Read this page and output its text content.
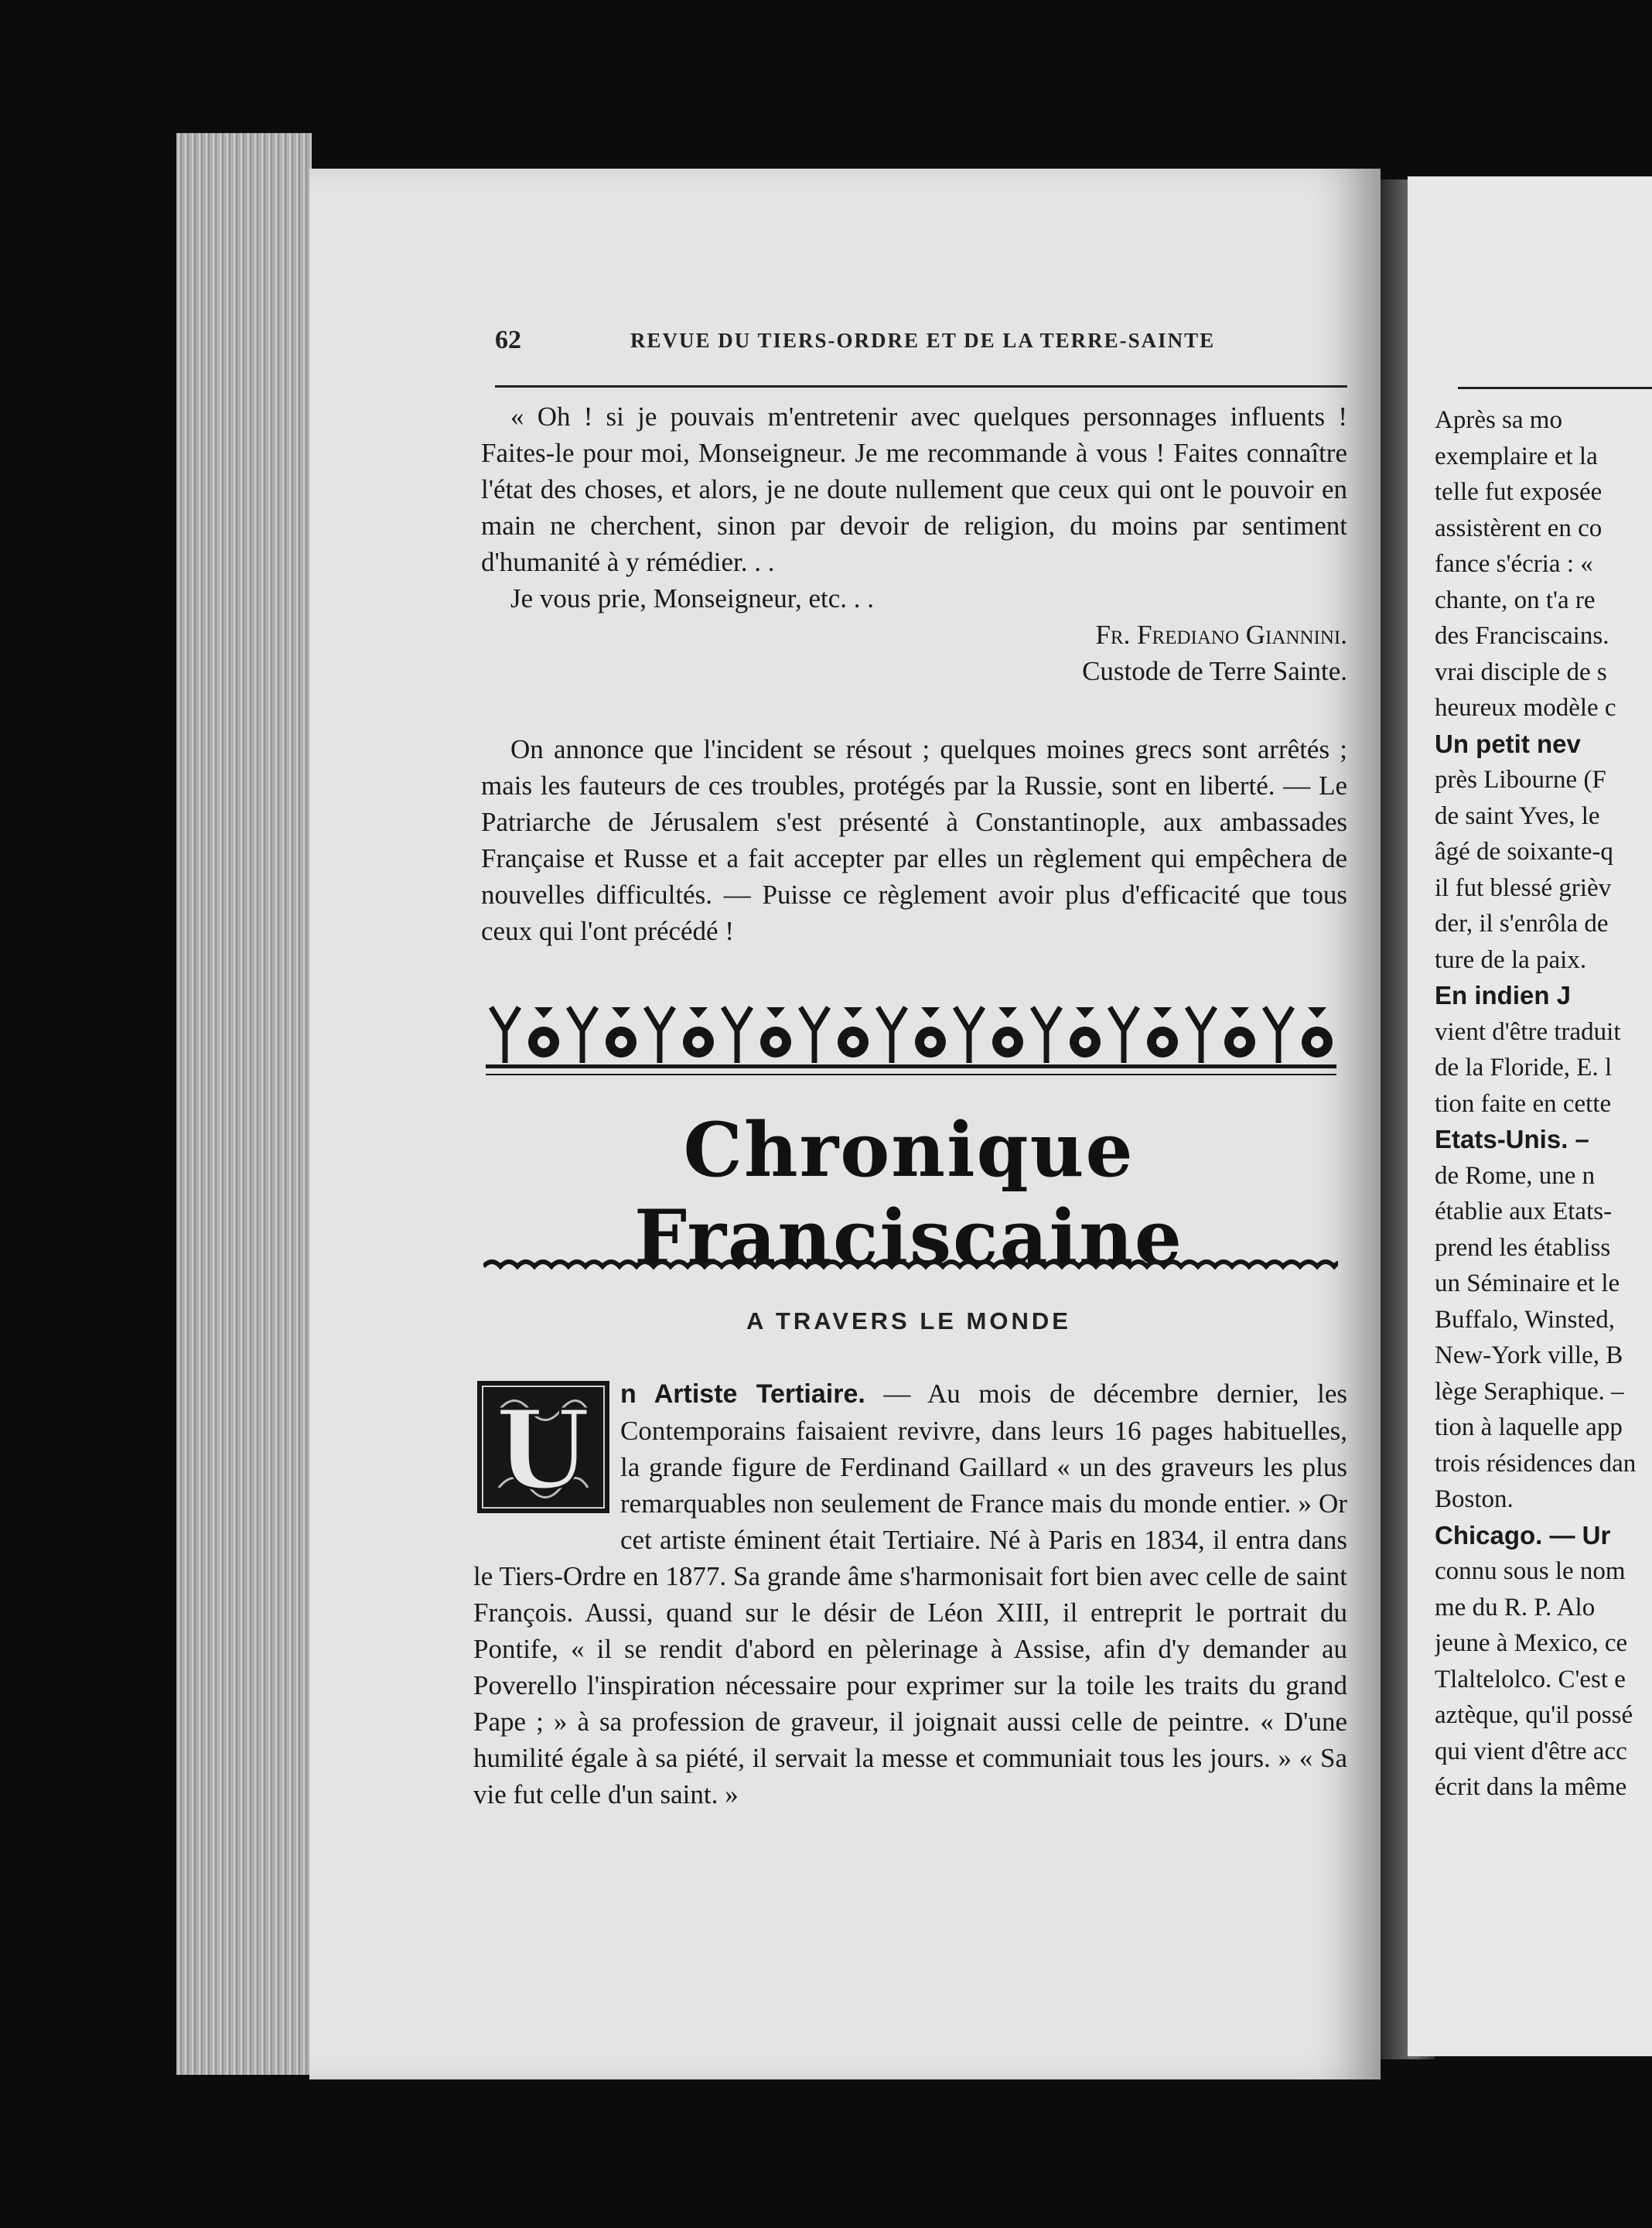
62	REVUE DU TIERS-ORDRE ET DE LA TERRE-SAINTE

« Oh ! si je pouvais m'entretenir avec quelques personnages influents ! Faites-le pour moi, Monseigneur. Je me recommande à vous ! Faites connaître l'état des choses, et alors, je ne doute nullement que ceux qui ont le pouvoir en main ne cherchent, sinon par devoir de religion, du moins par sentiment d'humanité à y rémédier. . .

Je vous prie, Monseigneur, etc. . .

Fr. Frediano Giannini.

Custode de Terre Sainte.

On annonce que l'incident se résout ; quelques moines grecs sont arrêtés ; mais les fauteurs de ces troubles, protégés par la Russie, sont en liberté. — Le Patriarche de Jérusalem s'est présenté à Constantinople, aux ambassades Française et Russe et a fait accepter par elles un règlement qui empêchera de nouvelles difficultés. — Puisse ce règlement avoir plus d'efficacité que tous ceux qui l'ont précédé !

Chronique Franciscaine
A TRAVERS LE MONDE
U	n Artiste Tertiaire. — Au mois de décembre dernier, les Contemporains faisaient revivre, dans leurs 16 pages habituelles, la grande figure de Ferdinand Gaillard « un des graveurs les plus remarquables non seulement de France mais du monde entier. » Or cet artiste éminent était Tertiaire. Né à Paris en 1834, il entra dans le Tiers-Ordre en 1877. Sa grande âme s'harmonisait fort bien avec celle de saint François. Aussi, quand sur le désir de Léon XIII, il entreprit le portrait du Pontife, « il se rendit d'abord en pèlerinage à Assise, afin d'y demander au Poverello l'inspiration nécessaire pour exprimer sur la toile les traits du grand Pape ; » à sa profession de graveur, il joignait aussi celle de peintre. « D'une humilité égale à sa piété, il servait la messe et communiait tous les jours. » « Sa vie fut celle d'un saint. »

Après sa mo
exemplaire et la
telle fut exposée
assistèrent en co
fance s'écria : «
chante, on t'a re
des Franciscains.
vrai disciple de s
heureux modèle c
Un petit nev
près Libourne (F
de saint Yves, le
âgé de soixante-q
il fut blessé grièv
der, il s'enrôla de
ture de la paix.
En indien J
vient d'être traduit
de la Floride, E. l
tion faite en cette
Etats-Unis. –
de Rome, une n
établie aux Etats-
prend les établiss
un Séminaire et le
Buffalo, Winsted,
New-York ville, B
lège Seraphique. –
tion à laquelle app
trois résidences dan
Boston.
Chicago. — Ur
connu sous le nom
me du R. P. Alo
jeune à Mexico, ce
Tlaltelolco. C'est e
aztèque, qu'il possé
qui vient d'être acc
écrit dans la même
